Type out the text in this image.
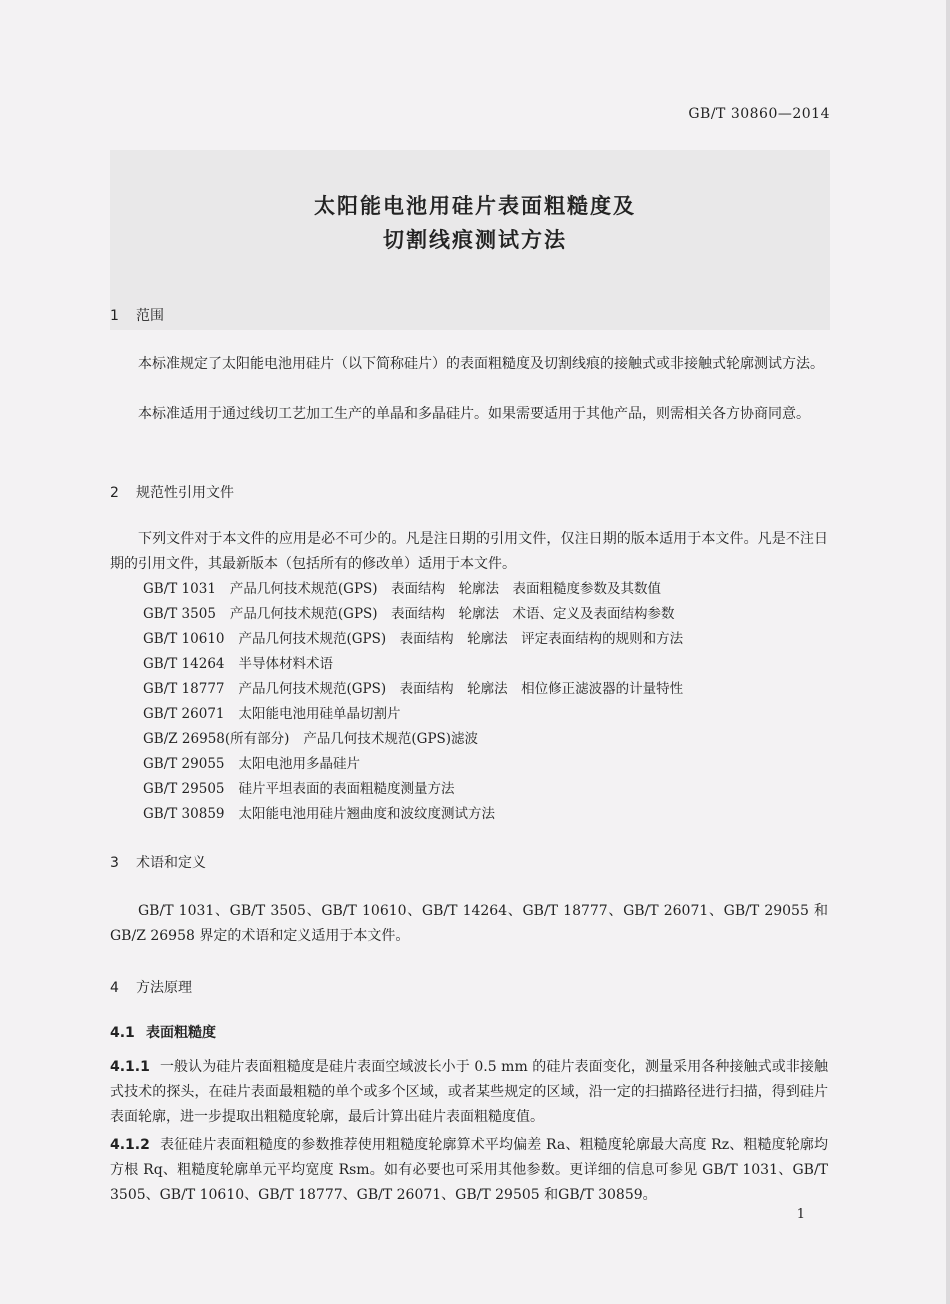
GB/T 30860—2014
太阳能电池用硅片表面粗糙度及
切割线痕测试方法
1 范围
本标准规定了太阳能电池用硅片（以下简称硅片）的表面粗糙度及切割线痕的接触式或非接触式轮廓测试方法。
本标准适用于通过线切工艺加工生产的单晶和多晶硅片。如果需要适用于其他产品，则需相关各方协商同意。
2 规范性引用文件
下列文件对于本文件的应用是必不可少的。凡是注日期的引用文件，仅注日期的版本适用于本文件。凡是不注日期的引用文件，其最新版本（包括所有的修改单）适用于本文件。
GB/T 1031 产品几何技术规范(GPS)　表面结构　轮廓法　表面粗糙度参数及其数值
GB/T 3505 产品几何技术规范(GPS)　表面结构　轮廓法　术语、定义及表面结构参数
GB/T 10610 产品几何技术规范(GPS)　表面结构　轮廓法　评定表面结构的规则和方法
GB/T 14264 半导体材料术语
GB/T 18777 产品几何技术规范(GPS)　表面结构　轮廓法　相位修正滤波器的计量特性
GB/T 26071 太阳能电池用硅单晶切割片
GB/Z 26958(所有部分) 产品几何技术规范(GPS)滤波
GB/T 29055 太阳电池用多晶硅片
GB/T 29505 硅片平坦表面的表面粗糙度测量方法
GB/T 30859 太阳能电池用硅片翘曲度和波纹度测试方法
3 术语和定义
GB/T 1031、GB/T 3505、GB/T 10610、GB/T 14264、GB/T 18777、GB/T 26071、GB/T 29055 和 GB/Z 26958 界定的术语和定义适用于本文件。
4 方法原理
4.1 表面粗糙度
4.1.1 一般认为硅片表面粗糙度是硅片表面空域波长小于 0.5 mm 的硅片表面变化，测量采用各种接触式或非接触式技术的探头，在硅片表面最粗糙的单个或多个区域，或者某些规定的区域，沿一定的扫描路径进行扫描，得到硅片表面轮廓，进一步提取出粗糙度轮廓，最后计算出硅片表面粗糙度值。
4.1.2 表征硅片表面粗糙度的参数推荐使用粗糙度轮廓算术平均偏差 Ra、粗糙度轮廓最大高度 Rz、粗糙度轮廓均方根 Rq、粗糙度轮廓单元平均宽度 Rsm。如有必要也可采用其他参数。更详细的信息可参见 GB/T 1031、GB/T 3505、GB/T 10610、GB/T 18777、GB/T 26071、GB/T 29505 和GB/T 30859。
1
